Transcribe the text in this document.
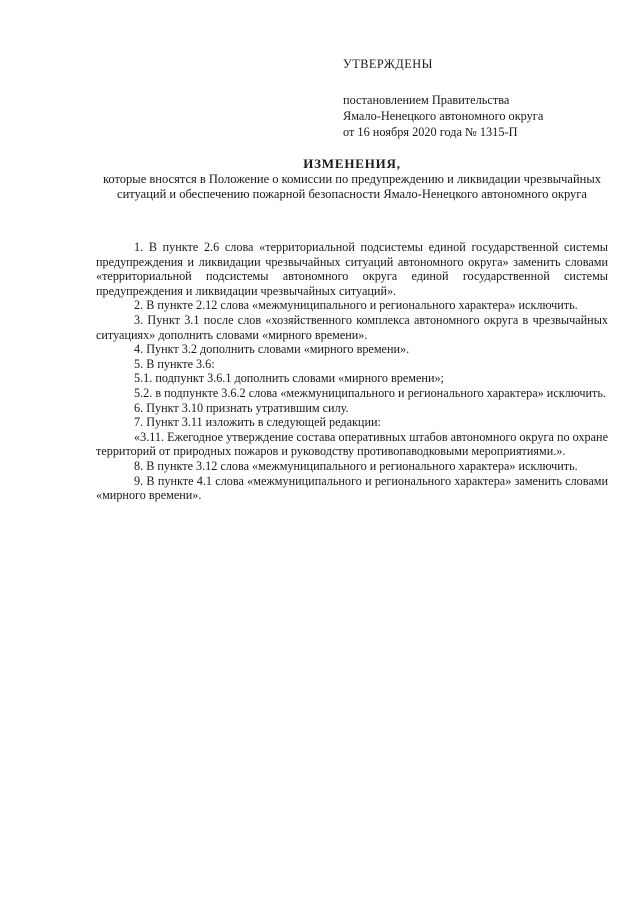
УТВЕРЖДЕНЫ
постановлением Правительства
Ямало-Ненецкого автономного округа
от 16 ноября 2020 года № 1315-П
ИЗМЕНЕНИЯ,
которые вносятся в Положение о комиссии по предупреждению и ликвидации чрезвычайных ситуаций и обеспечению пожарной безопасности Ямало-Ненецкого автономного округа

1. В пункте 2.6 слова «территориальной подсистемы единой государственной системы предупреждения и ликвидации чрезвычайных ситуаций автономного округа» заменить словами «территориальной подсистемы автономного округа единой государственной системы предупреждения и ликвидации чрезвычайных ситуаций».

2. В пункте 2.12 слова «межмуниципального и регионального характера» исключить.

3. Пункт 3.1 после слов «хозяйственного комплекса автономного округа в чрезвычайных ситуациях» дополнить словами «мирного времени».

4. Пункт 3.2 дополнить словами «мирного времени».

5. В пункте 3.6:

5.1. подпункт 3.6.1 дополнить словами «мирного времени»;

5.2. в подпункте 3.6.2 слова «межмуниципального и регионального характера» исключить.

6. Пункт 3.10 признать утратившим силу.

7. Пункт 3.11 изложить в следующей редакции:

«3.11. Ежегодное утверждение состава оперативных штабов автономного округа по охране территорий от природных пожаров и руководству противопаводковыми мероприятиями.».

8. В пункте 3.12 слова «межмуниципального и регионального характера» исключить.

9. В пункте 4.1 слова «межмуниципального и регионального характера» заменить словами «мирного времени».
